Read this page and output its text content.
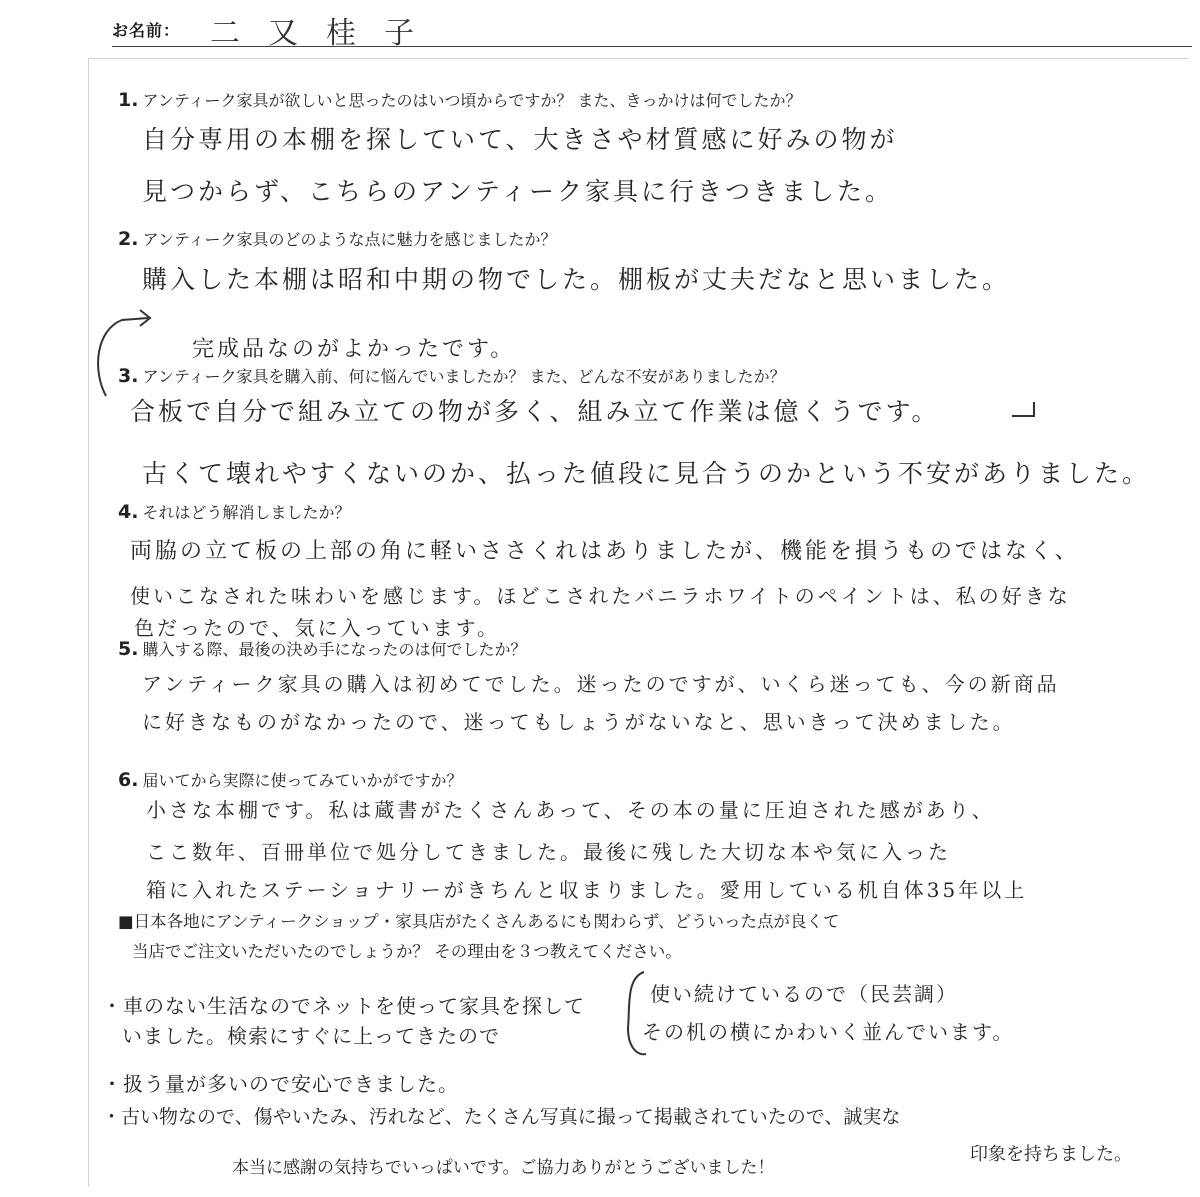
お名前： 二又桂子
1. アンティーク家具が欲しいと思ったのはいつ頃からですか？ また、きっかけは何でしたか？
自分専用の本棚を探していて、大きさや材質感に好みの物が
見つからず、こちらのアンティーク家具に行きつきました。
2. アンティーク家具のどのような点に魅力を感じましたか？
購入した本棚は昭和中期の物でした。棚板が丈夫だなと思いました。
完成品なのがよかったです。
3. アンティーク家具を購入前、何に悩んでいましたか？ また、どんな不安がありましたか？
合板で自分で組み立ての物が多く、組み立て作業は億くうです。
古くて壊れやすくないのか、払った値段に見合うのかという不安がありました。
4. それはどう解消しましたか？
両脇の立て板の上部の角に軽いささくれはありましたが、機能を損うものではなく、
使いこなされた味わいを感じます。ほどこされたバニラホワイトのペイントは、私の好きな
色だったので、気に入っています。
5. 購入する際、最後の決め手になったのは何でしたか？
アンティーク家具の購入は初めてでした。迷ったのですが、いくら迷っても、今の新商品
に好きなものがなかったので、迷ってもしょうがないなと、思いきって決めました。
6. 届いてから実際に使ってみていかがですか？
小さな本棚です。私は蔵書がたくさんあって、その本の量に圧迫された感があり、
ここ数年、百冊単位で処分してきました。最後に残した大切な本や気に入った
箱に入れたステーショナリーがきちんと収まりました。愛用している机自体35年以上
■日本各地にアンティークショップ・家具店がたくさんあるにも関わらず、どういった点が良くて
当店でご注文いただいたのでしょうか？ その理由を３つ教えてください。
・車のない生活なのでネットを使って家具を探して
いました。検索にすぐに上ってきたので
・扱う量が多いので安心できました。
・古い物なので、傷やいたみ、汚れなど、たくさん写真に撮って掲載されていたので、誠実な
使い続けているので（民芸調）
その机の横にかわいく並んでいます。
印象を持ちました。
本当に感謝の気持ちでいっぱいです。ご協力ありがとうございました！
